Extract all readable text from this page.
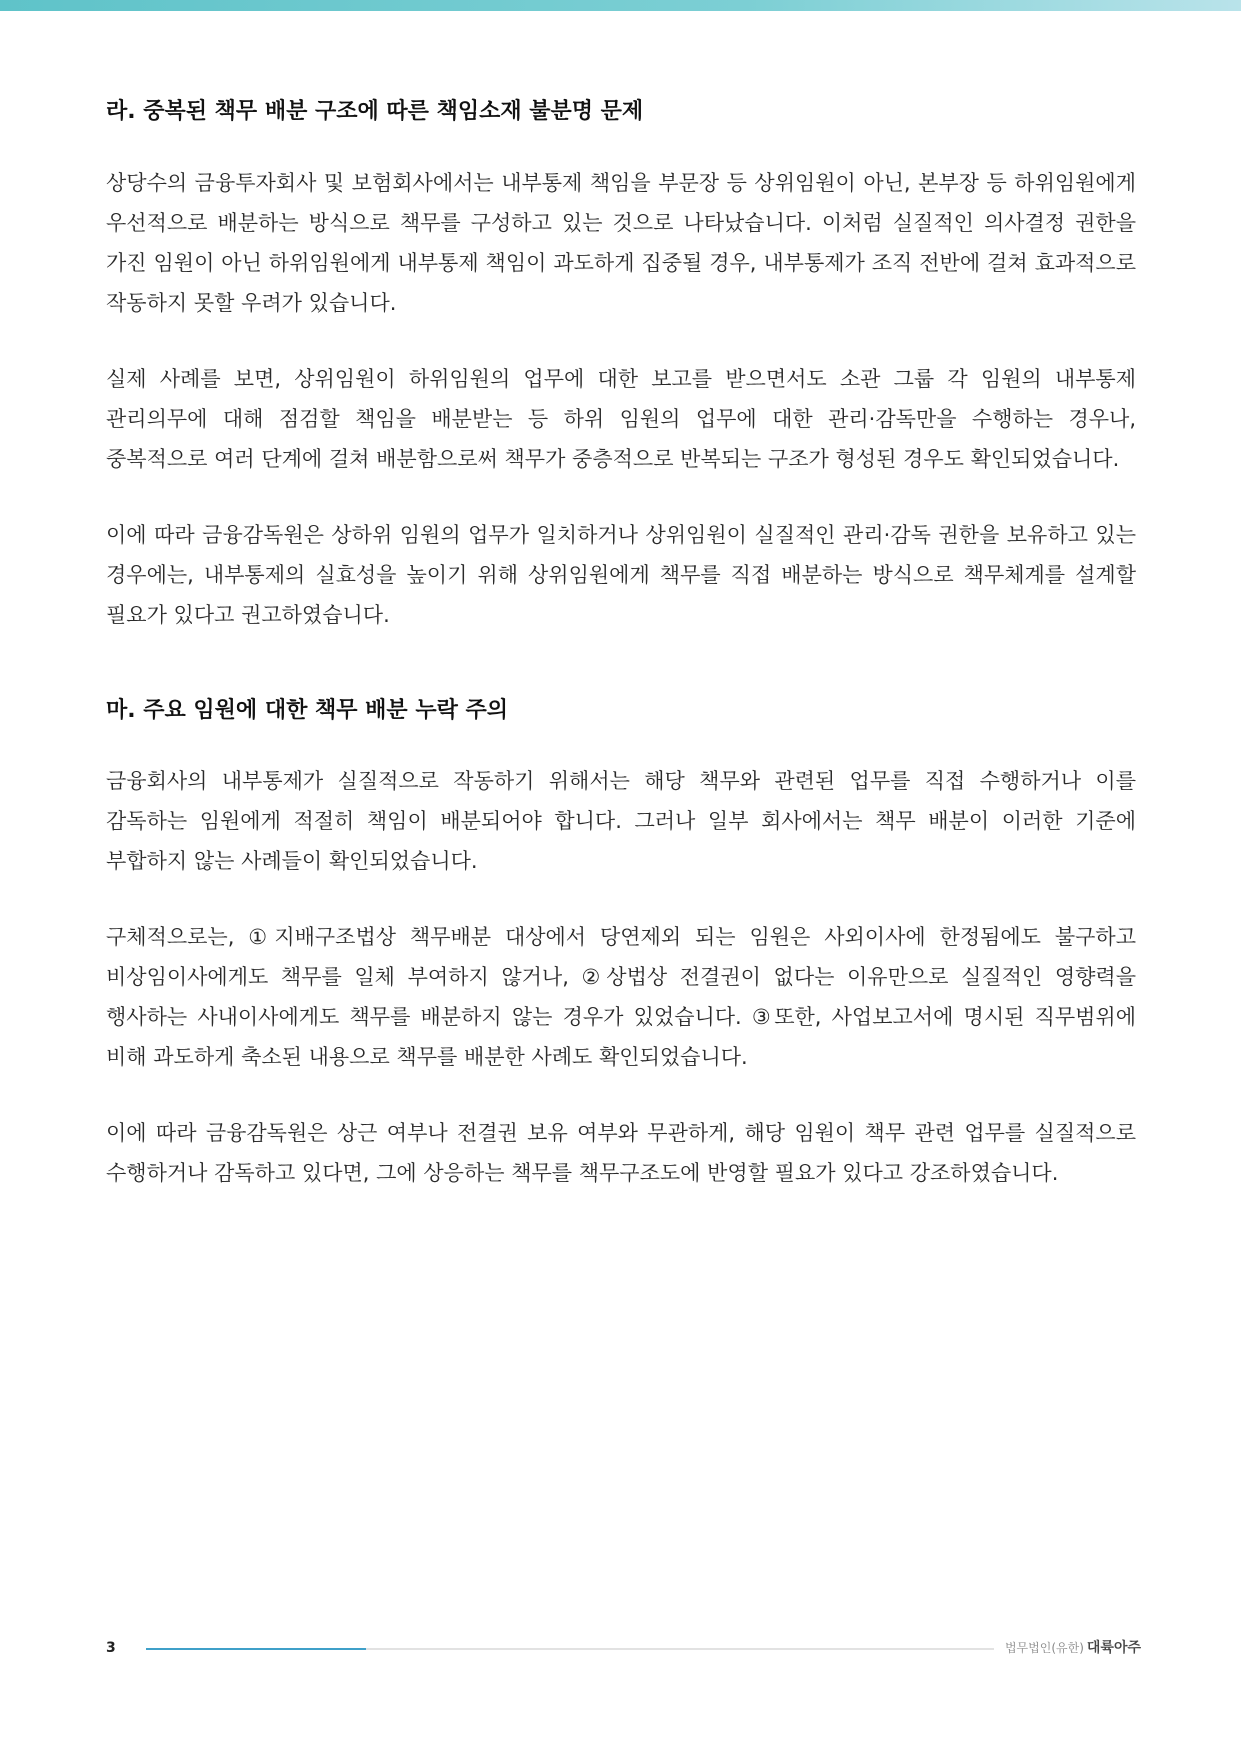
라. 중복된 책무 배분 구조에 따른 책임소재 불분명 문제

상당수의 금융투자회사 및 보험회사에서는 내부통제 책임을 부문장 등 상위임원이 아닌, 본부장 등 하위임원에게 우선적으로 배분하는 방식으로 책무를 구성하고 있는 것으로 나타났습니다. 이처럼 실질적인 의사결정 권한을 가진 임원이 아닌 하위임원에게 내부통제 책임이 과도하게 집중될 경우, 내부통제가 조직 전반에 걸쳐 효과적으로 작동하지 못할 우려가 있습니다.

실제 사례를 보면, 상위임원이 하위임원의 업무에 대한 보고를 받으면서도 소관 그룹 각 임원의 내부통제 관리의무에 대해 점검할 책임을 배분받는 등 하위 임원의 업무에 대한 관리·감독만을 수행하는 경우나, 중복적으로 여러 단계에 걸쳐 배분함으로써 책무가 중층적으로 반복되는 구조가 형성된 경우도 확인되었습니다.

이에 따라 금융감독원은 상하위 임원의 업무가 일치하거나 상위임원이 실질적인 관리·감독 권한을 보유하고 있는 경우에는, 내부통제의 실효성을 높이기 위해 상위임원에게 책무를 직접 배분하는 방식으로 책무체계를 설계할 필요가 있다고 권고하였습니다.

마. 주요 임원에 대한 책무 배분 누락 주의

금융회사의 내부통제가 실질적으로 작동하기 위해서는 해당 책무와 관련된 업무를 직접 수행하거나 이를 감독하는 임원에게 적절히 책임이 배분되어야 합니다. 그러나 일부 회사에서는 책무 배분이 이러한 기준에 부합하지 않는 사례들이 확인되었습니다.

구체적으로는, ①지배구조법상 책무배분 대상에서 당연제외 되는 임원은 사외이사에 한정됨에도 불구하고 비상임이사에게도 책무를 일체 부여하지 않거나, ②상법상 전결권이 없다는 이유만으로 실질적인 영향력을 행사하는 사내이사에게도 책무를 배분하지 않는 경우가 있었습니다. ③또한, 사업보고서에 명시된 직무범위에 비해 과도하게 축소된 내용으로 책무를 배분한 사례도 확인되었습니다.

이에 따라 금융감독원은 상근 여부나 전결권 보유 여부와 무관하게, 해당 임원이 책무 관련 업무를 실질적으로 수행하거나 감독하고 있다면, 그에 상응하는 책무를 책무구조도에 반영할 필요가 있다고 강조하였습니다.

3	법무법인(유한) 대륙아주
